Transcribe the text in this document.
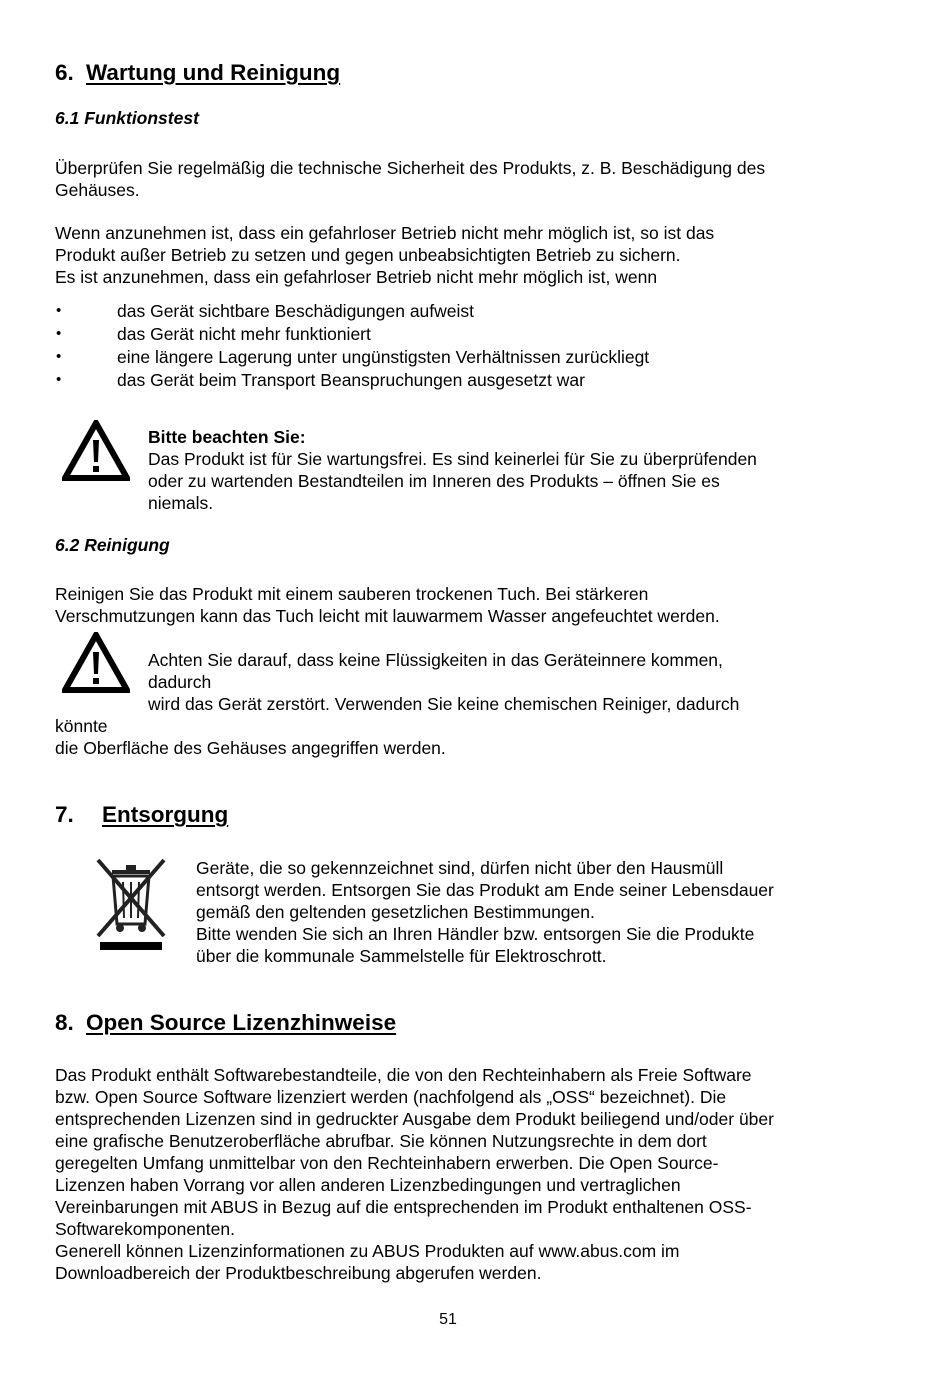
6. Wartung und Reinigung
6.1 Funktionstest
Überprüfen Sie regelmäßig die technische Sicherheit des Produkts, z. B. Beschädigung des
Gehäuses.
Wenn anzunehmen ist, dass ein gefahrloser Betrieb nicht mehr möglich ist, so ist das
Produkt außer Betrieb zu setzen und gegen unbeabsichtigten Betrieb zu sichern.
Es ist anzunehmen, dass ein gefahrloser Betrieb nicht mehr möglich ist, wenn
•	das Gerät sichtbare Beschädigungen aufweist
•	das Gerät nicht mehr funktioniert
•	eine längere Lagerung unter ungünstigsten Verhältnissen zurückliegt
•	das Gerät beim Transport Beanspruchungen ausgesetzt war
Bitte beachten Sie:
Das Produkt ist für Sie wartungsfrei. Es sind keinerlei für Sie zu überprüfenden
oder zu wartenden Bestandteilen im Inneren des Produkts – öffnen Sie es
niemals.
6.2 Reinigung
Reinigen Sie das Produkt mit einem sauberen trockenen Tuch. Bei stärkeren
Verschmutzungen kann das Tuch leicht mit lauwarmem Wasser angefeuchtet werden.
Achten Sie darauf, dass keine Flüssigkeiten in das Geräteinnere kommen,
dadurch
wird das Gerät zerstört. Verwenden Sie keine chemischen Reiniger, dadurch
könnte
die Oberfläche des Gehäuses angegriffen werden.
7. Entsorgung
Geräte, die so gekennzeichnet sind, dürfen nicht über den Hausmüll
entsorgt werden. Entsorgen Sie das Produkt am Ende seiner Lebensdauer
gemäß den geltenden gesetzlichen Bestimmungen.
Bitte wenden Sie sich an Ihren Händler bzw. entsorgen Sie die Produkte
über die kommunale Sammelstelle für Elektroschrott.
8. Open Source Lizenzhinweise
Das Produkt enthält Softwarebestandteile, die von den Rechteinhabern als Freie Software
bzw. Open Source Software lizenziert werden (nachfolgend als „OSS“ bezeichnet). Die
entsprechenden Lizenzen sind in gedruckter Ausgabe dem Produkt beiliegend und/oder über
eine grafische Benutzeroberfläche abrufbar. Sie können Nutzungsrechte in dem dort
geregelten Umfang unmittelbar von den Rechteinhabern erwerben. Die Open Source-
Lizenzen haben Vorrang vor allen anderen Lizenzbedingungen und vertraglichen
Vereinbarungen mit ABUS in Bezug auf die entsprechenden im Produkt enthaltenen OSS-
Softwarekomponenten.
Generell können Lizenzinformationen zu ABUS Produkten auf www.abus.com im
Downloadbereich der Produktbeschreibung abgerufen werden.
51
